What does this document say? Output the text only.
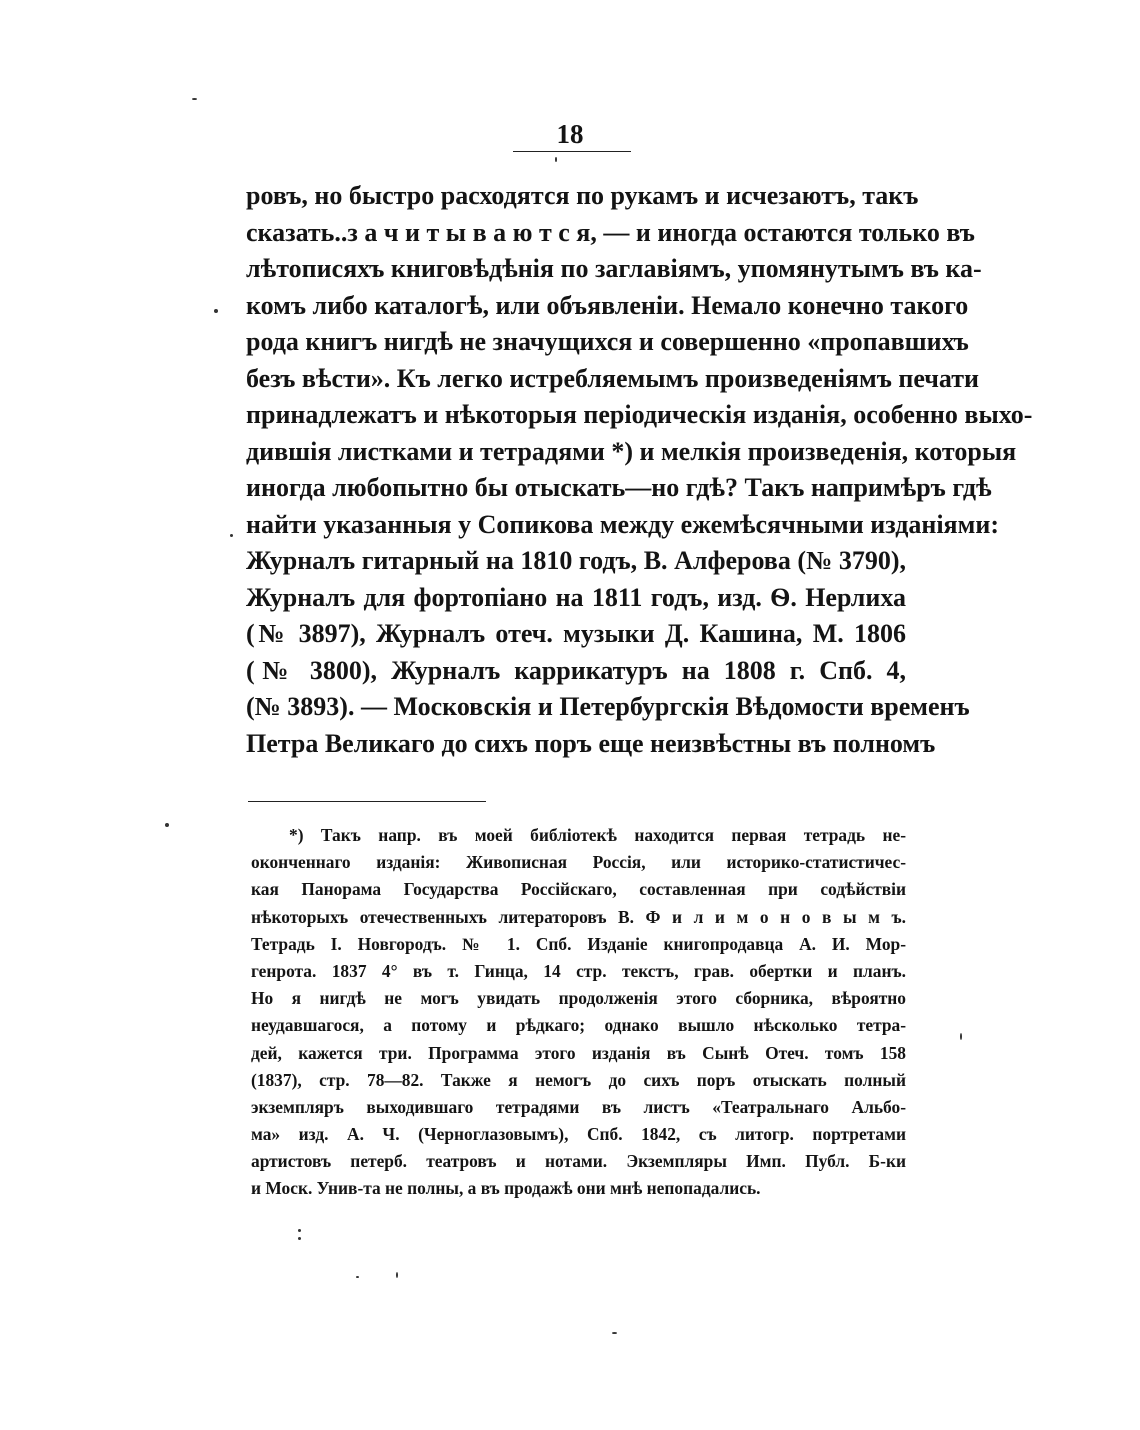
18
ровъ, но быстро расходятся по рукамъ и исчезаютъ, такъ
сказать..з а ч и т ы в а ю т с я, — и иногда остаются только въ
лѣтописяхъ книговѣдѣнія по заглавіямъ, упомянутымъ въ ка-
комъ либо каталогѣ, или объявленіи. Немало конечно такого
рода книгъ нигдѣ не значущихся и совершенно «пропавшихъ
безъ вѣсти». Къ легко истребляемымъ произведеніямъ печати
принадлежатъ и нѣкоторыя періодическія изданія, особенно выхо-
дившія листками и тетрадями *) и мелкія произведенія, которыя
иногда любопытно бы отыскать—но гдѣ? Такъ напримѣръ гдѣ
найти указанныя у Сопикова между ежемѣсячными изданіями:
Журналъ гитарный на 1810 годъ, В. Алферова (№ 3790),
Журналъ для фортопіано на 1811 годъ, изд. Ѳ. Нерлиха
(№ 3897), Журналъ отеч. музыки Д. Кашина, М. 1806
(№ 3800), Журналъ каррикатуръ на 1808 г. Спб. 4,
(№ 3893). — Московскія и Петербургскія Вѣдомости временъ
Петра Великаго до сихъ поръ еще неизвѣстны въ полномъ
*) Такъ напр. въ моей библіотекѣ находится первая тетрадь не-
оконченнаго изданія: Живописная Россія, или историко-статистичес-
кая Панорама Государства Россійскаго, составленная при содѣйствіи
нѣкоторыхъ отечественныхъ литераторовъ В. Ф и л и м о н о в ы м ъ.
Тетрадь I. Новгородъ. № 1. Спб. Изданіе книгопродавца А. И. Мор-
генрота. 1837 4° въ т. Гинца, 14 стр. текстъ, грав. обертки и планъ.
Но я нигдѣ не могъ увидать продолженія этого сборника, вѣроятно
неудавшагося, а потому и рѣдкаго; однако вышло нѣсколько тетра-
дей, кажется три. Программа этого изданія въ Сынѣ Отеч. томъ 158
(1837), стр. 78—82. Также я немогъ до сихъ поръ отыскать полный
экземпляръ выходившаго тетрадями въ листъ «Театральнаго Альбо-
ма» изд. А. Ч. (Черноглазовымъ), Спб. 1842, съ литогр. портретами
артистовъ петерб. театровъ и нотами. Экземпляры Имп. Публ. Б-ки
и Моск. Унив-та не полны, а въ продажѣ они мнѣ непопадались.
